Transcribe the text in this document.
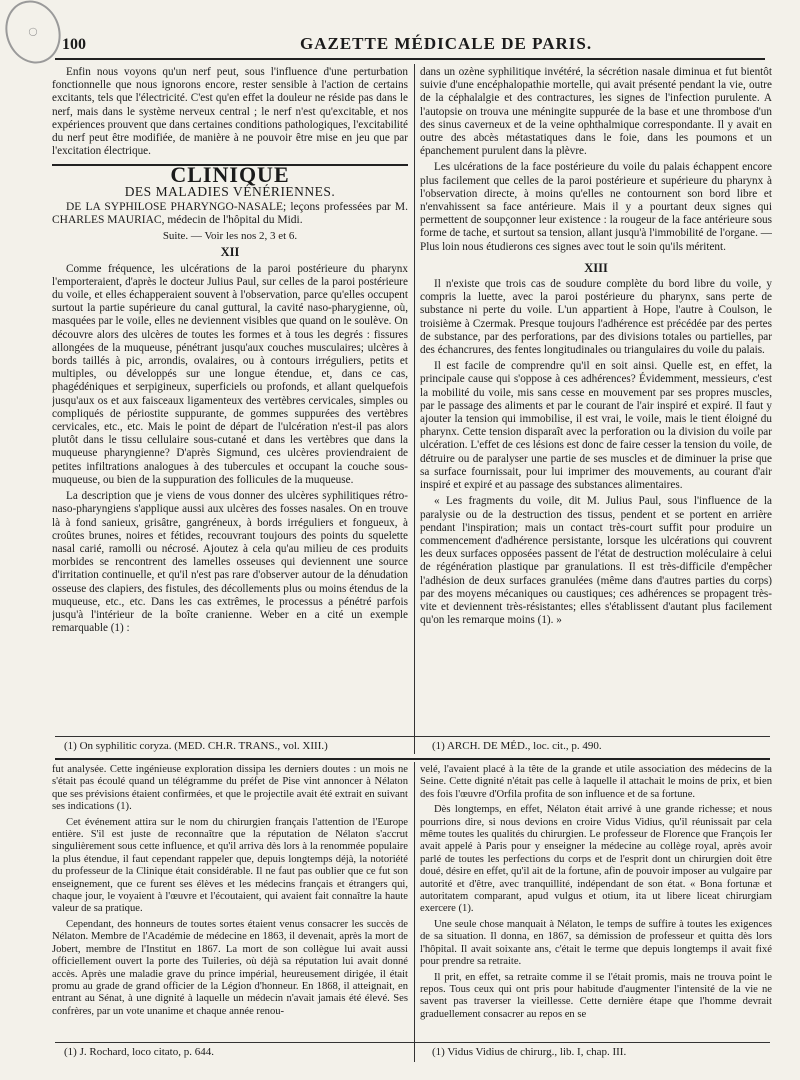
◯
100	GAZETTE MÉDICALE DE PARIS.

Enfin nous voyons qu'un nerf peut, sous l'influence d'une perturbation fonctionnelle que nous ignorons encore, rester sensible à l'action de certains excitants, tels que l'électricité. C'est qu'en effet la douleur ne réside pas dans le nerf, mais dans le système nerveux central ; le nerf n'est qu'excitable, et nos expériences prouvent que dans certaines conditions pathologiques, l'excitabilité du nerf peut être modifiée, de manière à ne pouvoir être mise en jeu que par l'excitation électrique.

CLINIQUE

DES MALADIES VÉNÉRIENNES.

DE LA SYPHILOSE PHARYNGO-NASALE; leçons professées par M. CHARLES MAURIAC, médecin de l'hôpital du Midi.

Suite. — Voir les nos 2, 3 et 6.

XII

Comme fréquence, les ulcérations de la paroi postérieure du pharynx l'emporteraient, d'après le docteur Julius Paul, sur celles de la paroi postérieure du voile, et elles échapperaient souvent à l'observation, parce qu'elles occupent surtout la partie supérieure du canal guttural, la cavité naso-pharygienne, où, masquées par le voile, elles ne deviennent visibles que quand on le soulève. On découvre alors des ulcères de toutes les formes et à tous les degrés : fissures allongées de la muqueuse, pénétrant jusqu'aux couches musculaires; ulcères à bords taillés à pic, arrondis, ovalaires, ou à contours irréguliers, petits et multiples, ou développés sur une longue étendue, et, dans ce cas, phagédéniques et serpigineux, superficiels ou profonds, et allant quelquefois jusqu'aux os et aux faisceaux ligamenteux des vertèbres cervicales, simples ou compliqués de périostite suppurante, de gommes suppurées des vertèbres cervicales, etc., etc. Mais le point de départ de l'ulcération n'est-il pas alors plutôt dans le tissu cellulaire sous-cutané et dans les vertèbres que dans la muqueuse pharyngienne? D'après Sigmund, ces ulcères proviendraient de petites infiltrations analogues à des tubercules et occupant la couche sous-muqueuse, ou bien de la suppuration des follicules de la muqueuse.

La description que je viens de vous donner des ulcères syphilitiques rétro-naso-pharyngiens s'applique aussi aux ulcères des fosses nasales. On en trouve là à fond sanieux, grisâtre, gangréneux, à bords irréguliers et fongueux, à croûtes brunes, noires et fétides, recouvrant toujours des points du squelette nasal carié, ramolli ou nécrosé. Ajoutez à cela qu'au milieu de ces produits morbides se rencontrent des lamelles osseuses qui deviennent une source d'irritation continuelle, et qu'il n'est pas rare d'observer autour de la dénudation osseuse des clapiers, des fistules, des décollements plus ou moins étendus de la muqueuse, etc., etc. Dans les cas extrêmes, le processus a pénétré parfois jusqu'à l'intérieur de la boîte cranienne. Weber en a cité un exemple remarquable (1) :

dans un ozène syphilitique invétéré, la sécrétion nasale diminua et fut bientôt suivie d'une encéphalopathie mortelle, qui avait présenté pendant la vie, outre de la céphalalgie et des contractures, les signes de l'infection purulente. A l'autopsie on trouva une méningite suppurée de la base et une thrombose d'un des sinus caverneux et de la veine ophthalmique correspondante. Il y avait en outre des abcès métastatiques dans le foie, dans les poumons et un épanchement purulent dans la plèvre.

Les ulcérations de la face postérieure du voile du palais échappent encore plus facilement que celles de la paroi postérieure et supérieure du pharynx à l'observation directe, à moins qu'elles ne contournent son bord libre et n'envahissent sa face antérieure. Mais il y a pourtant deux signes qui permettent de soupçonner leur existence : la rougeur de la face antérieure sous forme de tache, et surtout sa tension, allant jusqu'à l'immobilité de l'organe. — Plus loin nous étudierons ces signes avec tout le soin qu'ils méritent.

XIII

Il n'existe que trois cas de soudure complète du bord libre du voile, y compris la luette, avec la paroi postérieure du pharynx, sans perte de substance ni perte du voile. L'un appartient à Hope, l'autre à Coulson, le troisième à Czermak. Presque toujours l'adhérence est précédée par des pertes de substance, par des perforations, par des divisions totales ou partielles, par des échancrures, des fentes longitudinales ou triangulaires du voile du palais.

Il est facile de comprendre qu'il en soit ainsi. Quelle est, en effet, la principale cause qui s'oppose à ces adhérences? Évidemment, messieurs, c'est la mobilité du voile, mis sans cesse en mouvement par ses propres muscles, par le passage des aliments et par le courant de l'air inspiré et expiré. Il faut y ajouter la tension qui immobilise, il est vrai, le voile, mais le tient éloigné du pharynx. Cette tension disparaît avec la perforation ou la division du voile par ulcération. L'effet de ces lésions est donc de faire cesser la tension du voile, de détruire ou de paralyser une partie de ses muscles et de diminuer la prise que sa surface fournissait, pour lui imprimer des mouvements, au courant d'air inspiré et expiré et au passage des substances alimentaires.

« Les fragments du voile, dit M. Julius Paul, sous l'influence de la paralysie ou de la destruction des tissus, pendent et se portent en arrière pendant l'inspiration; mais un contact très-court suffit pour produire un commencement d'adhérence persistante, lorsque les ulcérations qui couvrent les deux surfaces opposées passent de l'état de destruction moléculaire à celui de régénération plastique par granulations. Il est très-difficile d'empêcher l'adhésion de deux surfaces granulées (même dans d'autres parties du corps) par des moyens mécaniques ou caustiques; ces adhérences se propagent très-vite et deviennent très-résistantes; elles s'établissent d'autant plus facilement qu'on les remarque moins (1). »

(1) On syphilitic coryza. (MED. CH.R. TRANS., vol. XIII.)	(1) ARCH. DE MÉD., loc. cit., p. 490.

fut analysée. Cette ingénieuse exploration dissipa les derniers doutes : un mois ne s'était pas écoulé quand un télégramme du préfet de Pise vint annoncer à Nélaton que ses prévisions étaient confirmées, et que le projectile avait été extrait en suivant ses indications (1).

Cet événement attira sur le nom du chirurgien français l'attention de l'Europe entière. S'il est juste de reconnaître que la réputation de Nélaton s'accrut singulièrement sous cette influence, et qu'il arriva dès lors à la renommée populaire la plus étendue, il faut cependant rappeler que, depuis longtemps déjà, la notoriété du professeur de la Clinique était considérable. Il ne faut pas oublier que ce fut son enseignement, que ce furent ses élèves et les médecins français et étrangers qui, chaque jour, le voyaient à l'œuvre et l'écoutaient, qui avaient fait connaître la haute valeur de sa pratique.

Cependant, des honneurs de toutes sortes étaient venus consacrer les succès de Nélaton. Membre de l'Académie de médecine en 1863, il devenait, après la mort de Jobert, membre de l'Institut en 1867. La mort de son collègue lui avait aussi officiellement ouvert la porte des Tuileries, où déjà sa réputation lui avait donné accès. Après une maladie grave du prince impérial, heureusement dirigée, il était promu au grade de grand officier de la Légion d'honneur. En 1868, il atteignait, en entrant au Sénat, à une dignité à laquelle un médecin n'avait jamais été élevé. Ses confrères, par un vote unanime et chaque année renou-

velé, l'avaient placé à la tête de la grande et utile association des médecins de la Seine. Cette dignité n'était pas celle à laquelle il attachait le moins de prix, et bien des fois l'œuvre d'Orfila profita de son influence et de sa fortune.

Dès longtemps, en effet, Nélaton était arrivé à une grande richesse; et nous pourrions dire, si nous devions en croire Vidus Vidius, qu'il réunissait par cela même toutes les qualités du chirurgien. Le professeur de Florence que François Ier avait appelé à Paris pour y enseigner la médecine au collège royal, après avoir parlé de toutes les perfections du corps et de l'esprit dont un chirurgien doit être doué, désire en effet, qu'il ait de la fortune, afin de pouvoir imposer au vulgaire par autorité et d'être, avec tranquillité, indépendant de son état. « Bona fortunæ et autoritatem comparant, apud vulgus et otium, ita ut libere liceat chirurgiam exercere (1).

Une seule chose manquait à Nélaton, le temps de suffire à toutes les exigences de sa situation. Il donna, en 1867, sa démission de professeur et quitta dès lors l'hôpital. Il avait soixante ans, c'était le terme que depuis longtemps il avait fixé pour prendre sa retraite.

Il prit, en effet, sa retraite comme il se l'était promis, mais ne trouva point le repos. Tous ceux qui ont pris pour habitude d'augmenter l'intensité de la vie ne savent pas traverser la vieillesse. Cette dernière étape que l'homme devrait graduellement consacrer au repos en se

(1) J. Rochard, loco citato, p. 644.	(1) Vidus Vidius de chirurg., lib. I, chap. III.
